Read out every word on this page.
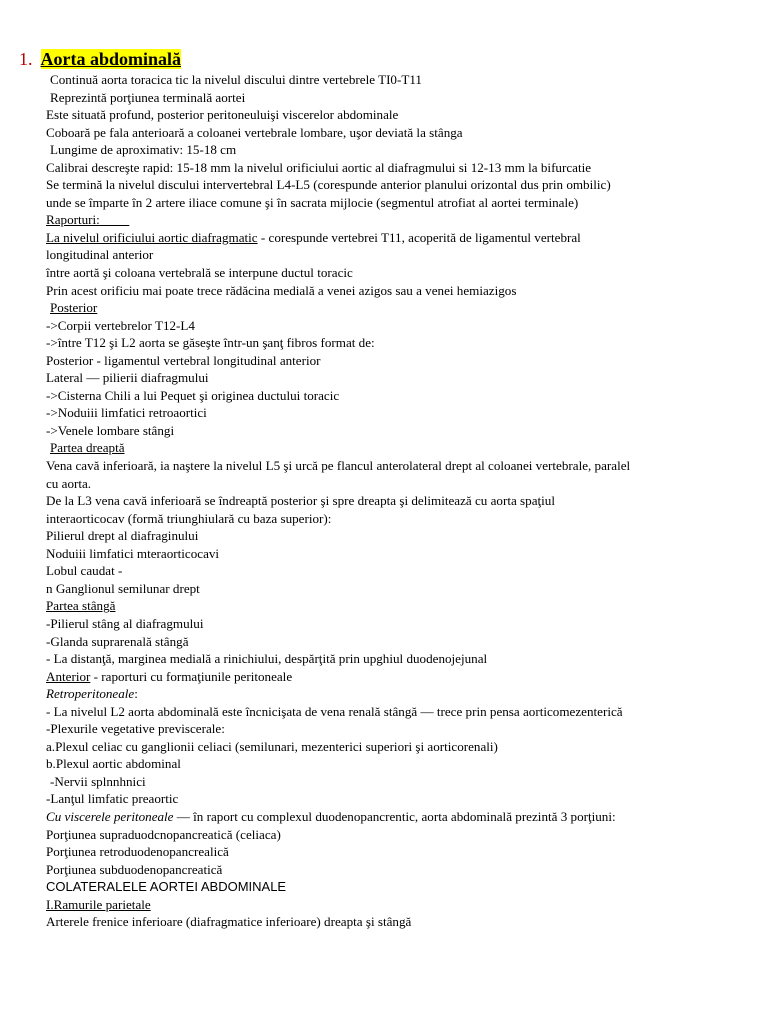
1. Aorta abdominală
Continuă aorta toracica tic la nivelul discului dintre vertebrele TI0-T11
Reprezintă porţiunea terminală aortei
Este situată profund, posterior peritoneuluişi viscerelor abdominale
Coboară pe fala anterioară a coloanei vertebrale lombare, uşor deviată la stânga
Lungime de aproximativ: 15-18 cm
Calibrai descreşte rapid: 15-18 mm la nivelul orificiului aortic al diafragmului si 12-13 mm la bifurcatie
Se termină la nivelul discului intervertebral L4-L5 (corespunde anterior planului orizontal dus prin ombilic)
unde se împarte în 2 artere iliace comune şi în sacrata mijlocie (segmentul atrofiat al aortei terminale)
Raporturi:
La nivelul orificiului aortic diafragmatic - corespunde vertebrei T11, acoperită de ligamentul vertebral
longitudinal anterior
între aortă şi coloana vertebrală se interpune ductul toracic
Prin acest orificiu mai poate trece rădăcina medială a venei azigos sau a venei hemiazigos
Posterior
->Corpii vertebrelor T12-L4
->între T12 şi L2 aorta se găseşte într-un şanţ fibros format de:
Posterior - ligamentul vertebral longitudinal anterior
Lateral — pilierii diafragmului
->Cisterna Chili a lui Pequet şi originea ductului toracic
->Noduiii limfatici retroaortici
->Venele lombare stângi
Partea dreaptă
Vena cavă inferioară, ia naştere la nivelul L5 şi urcă pe flancul anterolateral drept al coloanei vertebrale, paralel
cu aorta.
De la L3 vena cavă inferioară se îndreaptă posterior şi spre dreapta şi delimitează cu aorta spaţiul
interaorticocav (formă triunghiulară cu baza superior):
Pilierul drept al diafraginului
Noduiii limfatici mteraorticocavi
Lobul caudat -
n Ganglionul semilunar drept
Partea stângă
-Pilierul stâng al diafragmului
-Glanda suprarenală stângă
- La distanţă, marginea medială a rinichiului, despărţită prin upghiul duodenojejunal
Anterior - raporturi cu formaţiunile peritoneale
Retroperitoneale:
- La nivelul L2 aorta abdominală este încnicişata de vena renală stângă — trece prin pensa aorticomezenterică
-Plexurile vegetative previscerale:
a.Plexul celiac cu ganglionii celiaci (semilunari, mezenterici superiori şi aorticorenali)
b.Plexul aortic abdominal
-Nervii splnnhnici
-Lanţul limfatic preaortic
Cu viscerele peritoneale — în raport cu complexul duodenopancrentic, aorta abdominală prezintă 3 porţiuni:
Porţiunea supraduodcnopancreatică (celiaca)
Porţiunea retroduodenopancrealică
Porţiunea subduodenopancreatică
COLATERALELE AORTEI ABDOMINALE
I.Ramurile parietale
Arterele frenice inferioare (diafragmatice inferioare) dreapta şi stângă
